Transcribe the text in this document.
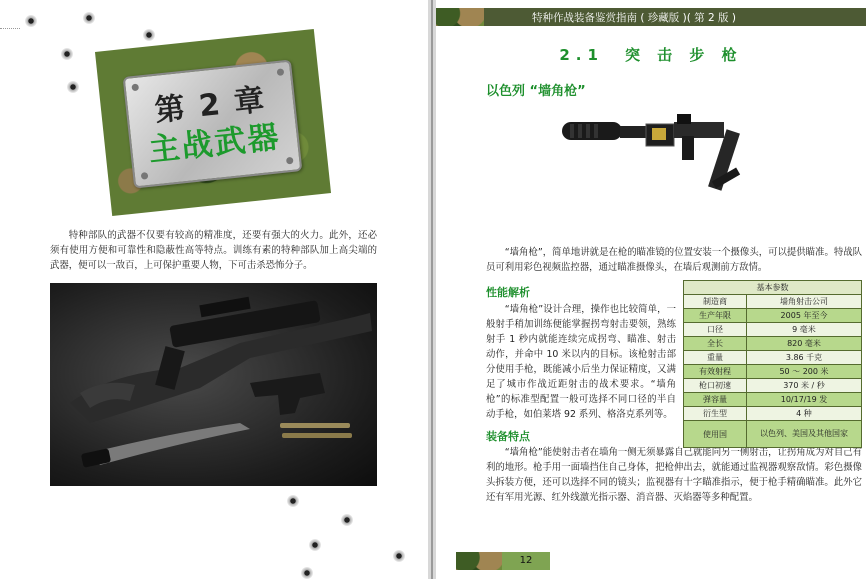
第 2 章
主战武器

特种部队的武器不仅要有较高的精准度，还要有强大的火力。此外，还必须有使用方便和可靠性和隐蔽性高等特点。训练有素的特种部队加上高尖端的武器，便可以一敌百，上可保护重要人物，下可击杀恐怖分子。

特种作战装备鉴赏指南 ( 珍藏版 )( 第 2 版 )
2.1　突 击 步 枪
以色列 “墙角枪”

“墙角枪”，简单地讲就是在枪的瞄准镜的位置安装一个摄像头，可以提供瞄准。特战队员可利用彩色视频监控器，通过瞄准摄像头，在墙后观测前方敌情。

性能解析

“墙角枪”设计合理，操作也比较简单，一般射手稍加训练便能掌握拐弯射击要领，熟练射手 1 秒内就能连续完成拐弯、瞄准、射击动作，并命中 10 米以内的目标。该枪射击部分使用手枪，既能减小后坐力保证精度，又满足了城市作战近距射击的战术要求。“墙角枪”的标准型配置一般可选择不同口径的半自动手枪，如伯莱塔 92 系列、格洛克系列等。

装备特点

“墙角枪”能使射击者在墙角一侧无须暴露自己就能向另一侧射击，让拐角成为对自己有利的地形。枪手用一面墙挡住自己身体，把枪伸出去，就能通过监视器观察敌情。彩色摄像头拆装方便，还可以选择不同的镜头；监视器有十字瞄准指示，便于枪手精确瞄准。此外它还有军用光源、红外线激光指示器、消音器、灭焰器等多种配置。

基本参数	
制造商	墙角射击公司
生产年限	2005 年至今
口径	9 毫米
全长	820 毫米
重量	3.86 千克
有效射程	50 ～ 200 米
枪口初速	370 米 / 秒
弹容量	10/17/19 发
衍生型	4 种
使用国	以色列、美国及其他国家
12
